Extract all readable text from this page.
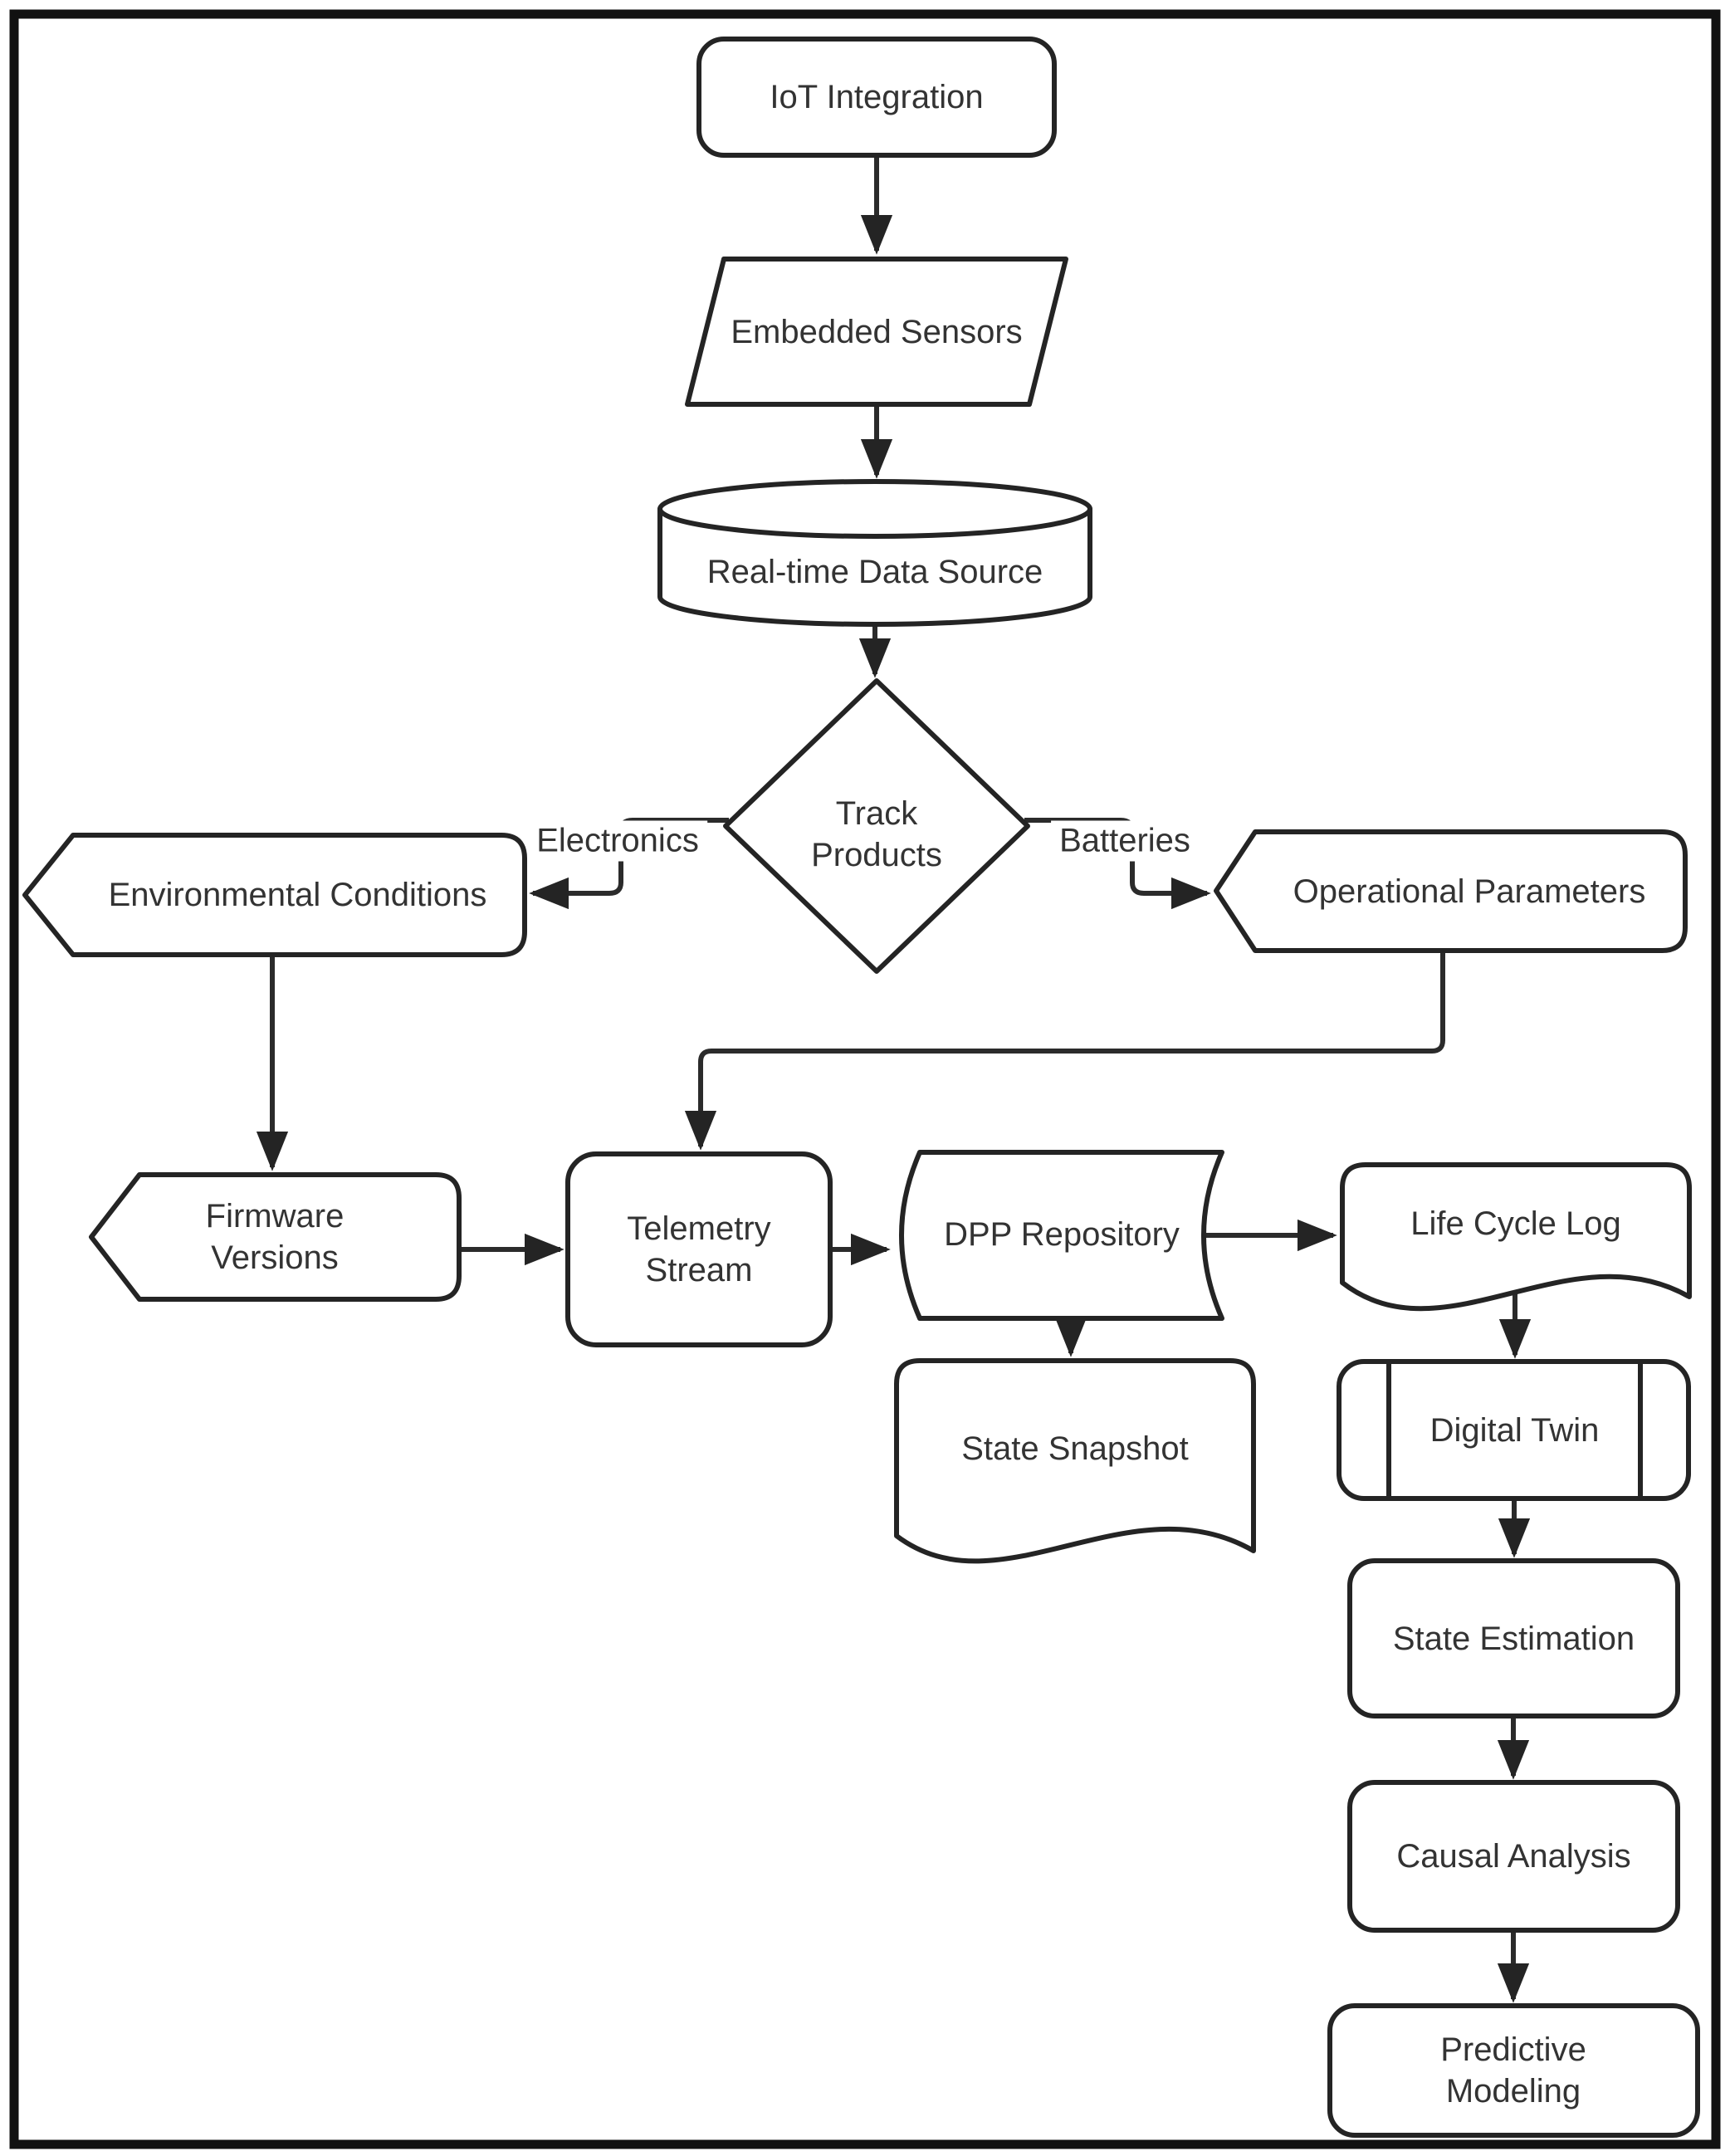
IoT Integration
Embedded Sensors
Real-time Data Source
Track Products
Environmental Conditions	Operational Parameters
Firmware Versions
Telemetry Stream
DPP Repository
State Snapshot
Life Cycle Log
Digital Twin
State Estimation
Causal Analysis
Predictive Modeling
Electronics	Batteries
